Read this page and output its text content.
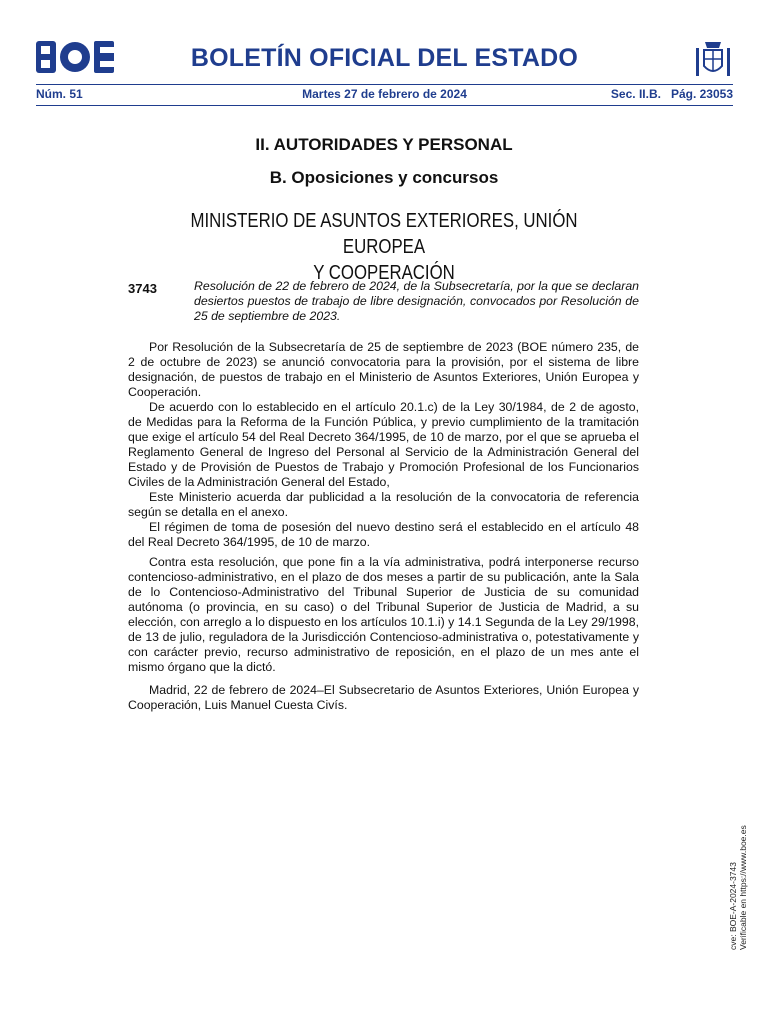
BOLETÍN OFICIAL DEL ESTADO
Núm. 51	Martes 27 de febrero de 2024	Sec. II.B.   Pág. 23053
II. AUTORIDADES Y PERSONAL
B. Oposiciones y concursos
MINISTERIO DE ASUNTOS EXTERIORES, UNIÓN EUROPEA
Y COOPERACIÓN
3743	Resolución de 22 de febrero de 2024, de la Subsecretaría, por la que se declaran desiertos puestos de trabajo de libre designación, convocados por Resolución de 25 de septiembre de 2023.

Por Resolución de la Subsecretaría de 25 de septiembre de 2023 (BOE número 235, de 2 de octubre de 2023) se anunció convocatoria para la provisión, por el sistema de libre designación, de puestos de trabajo en el Ministerio de Asuntos Exteriores, Unión Europea y Cooperación.

De acuerdo con lo establecido en el artículo 20.1.c) de la Ley 30/1984, de 2 de agosto, de Medidas para la Reforma de la Función Pública, y previo cumplimiento de la tramitación que exige el artículo 54 del Real Decreto 364/1995, de 10 de marzo, por el que se aprueba el Reglamento General de Ingreso del Personal al Servicio de la Administración General del Estado y de Provisión de Puestos de Trabajo y Promoción Profesional de los Funcionarios Civiles de la Administración General del Estado,

Este Ministerio acuerda dar publicidad a la resolución de la convocatoria de referencia según se detalla en el anexo.

El régimen de toma de posesión del nuevo destino será el establecido en el artículo 48 del Real Decreto 364/1995, de 10 de marzo.

Contra esta resolución, que pone fin a la vía administrativa, podrá interponerse recurso contencioso-administrativo, en el plazo de dos meses a partir de su publicación, ante la Sala de lo Contencioso-Administrativo del Tribunal Superior de Justicia de su comunidad autónoma (o provincia, en su caso) o del Tribunal Superior de Justicia de Madrid, a su elección, con arreglo a lo dispuesto en los artículos 10.1.i) y 14.1 Segunda de la Ley 29/1998, de 13 de julio, reguladora de la Jurisdicción Contencioso-administrativa o, potestativamente y con carácter previo, recurso administrativo de reposición, en el plazo de un mes ante el mismo órgano que la dictó.

Madrid, 22 de febrero de 2024–El Subsecretario de Asuntos Exteriores, Unión Europea y Cooperación, Luis Manuel Cuesta Civís.

cve: BOE-A-2024-3743 Verificable en https://www.boe.es
